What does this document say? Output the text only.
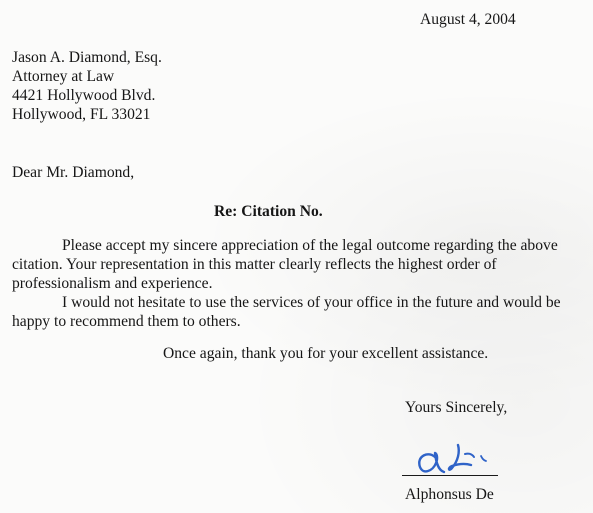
August 4, 2004
Jason A. Diamond, Esq.
Attorney at Law
4421 Hollywood Blvd.
Hollywood, FL 33021
Dear Mr. Diamond,
Re: Citation No.
Please accept my sincere appreciation of the legal outcome regarding the above citation. Your representation in this matter clearly reflects the highest order of professionalism and experience.
I would not hesitate to use the services of your office in the future and would be happy to recommend them to others.
Once again, thank you for your excellent assistance.
Yours Sincerely,
Alphonsus De
